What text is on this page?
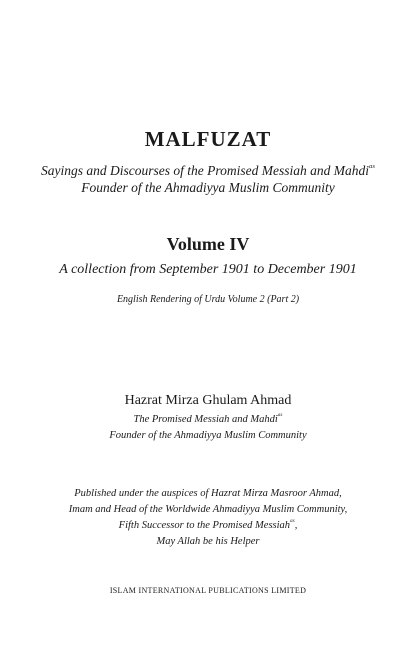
MALFUZAT
Sayings and Discourses of the Promised Messiah and Mahdi$^{as}$
Founder of the Ahmadiyya Muslim Community
Volume IV
A collection from September 1901 to December 1901
English Rendering of Urdu Volume 2 (Part 2)
Hazrat Mirza Ghulam Ahmad
The Promised Messiah and Mahdi$^{as}$
Founder of the Ahmadiyya Muslim Community
Published under the auspices of Hazrat Mirza Masroor Ahmad,
Imam and Head of the Worldwide Ahmadiyya Muslim Community,
Fifth Successor to the Promised Messiah$^{as}$,
May Allah be his Helper
ISLAM INTERNATIONAL PUBLICATIONS LIMITED
